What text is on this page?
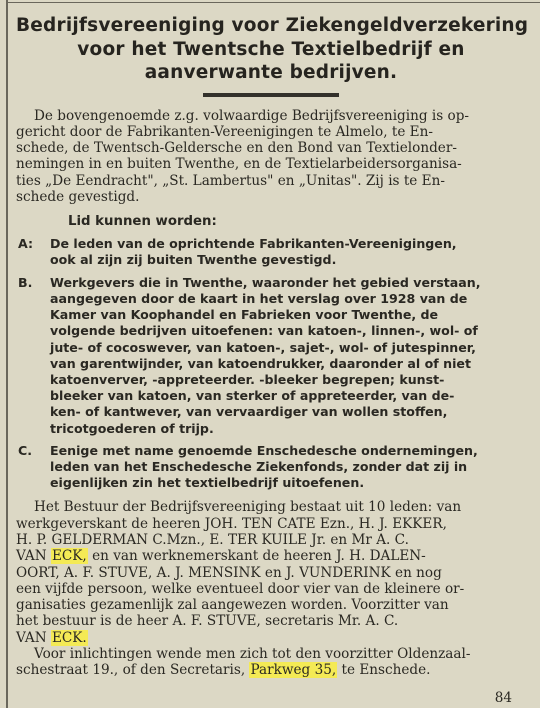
Bedrijfsvereeniging voor Ziekengeldverzekering
voor het Twentsche Textielbedrijf en
aanverwante bedrijven.
De bovengenoemde z.g. volwaardige Bedrijfsvereeniging is op-
gericht door de Fabrikanten-Vereenigingen te Almelo, te En-
schede, de Twentsch-Geldersche en den Bond van Textielonder-
nemingen in en buiten Twenthe, en de Textielarbeidersorganisa-
ties „De Eendracht", „St. Lambertus" en „Unitas". Zij is te En-
schede gevestigd.
Lid kunnen worden:
A: De leden van de oprichtende Fabrikanten-Vereenigingen,
ook al zijn zij buiten Twenthe gevestigd.
B. Werkgevers die in Twenthe, waaronder het gebied verstaan,
aangegeven door de kaart in het verslag over 1928 van de
Kamer van Koophandel en Fabrieken voor Twenthe, de
volgende bedrijven uitoefenen: van katoen-, linnen-, wol- of
jute- of cocoswever, van katoen-, sajet-, wol- of jutespinner,
van garentwijnder, van katoendrukker, daaronder al of niet
katoenverver, -appreteerder. -bleeker begrepen; kunst-
bleeker van katoen, van sterker of appreteerder, van de-
ken- of kantwever, van vervaardiger van wollen stoffen,
tricotgoederen of trijp.
C. Eenige met name genoemde Enschedesche ondernemingen,
leden van het Enschedesche Ziekenfonds, zonder dat zij in
eigenlijken zin het textielbedrijf uitoefenen.
Het Bestuur der Bedrijfsvereeniging bestaat uit 10 leden: van
werkgeverskant de heeren JOH. TEN CATE Ezn., H. J. EKKER,
H. P. GELDERMAN C.Mzn., E. TER KUILE Jr. en Mr A. C.
VAN ECK, en van werknemerskant de heeren J. H. DALEN-
OORT, A. F. STUVE, A. J. MENSINK en J. VUNDERINK en nog
een vijfde persoon, welke eventueel door vier van de kleinere or-
ganisaties gezamenlijk zal aangewezen worden. Voorzitter van
het bestuur is de heer A. F. STUVE, secretaris Mr. A. C.
VAN ECK.
Voor inlichtingen wende men zich tot den voorzitter Oldenzaal-
schestraat 19., of den Secretaris, Parkweg 35, te Enschede.
84
